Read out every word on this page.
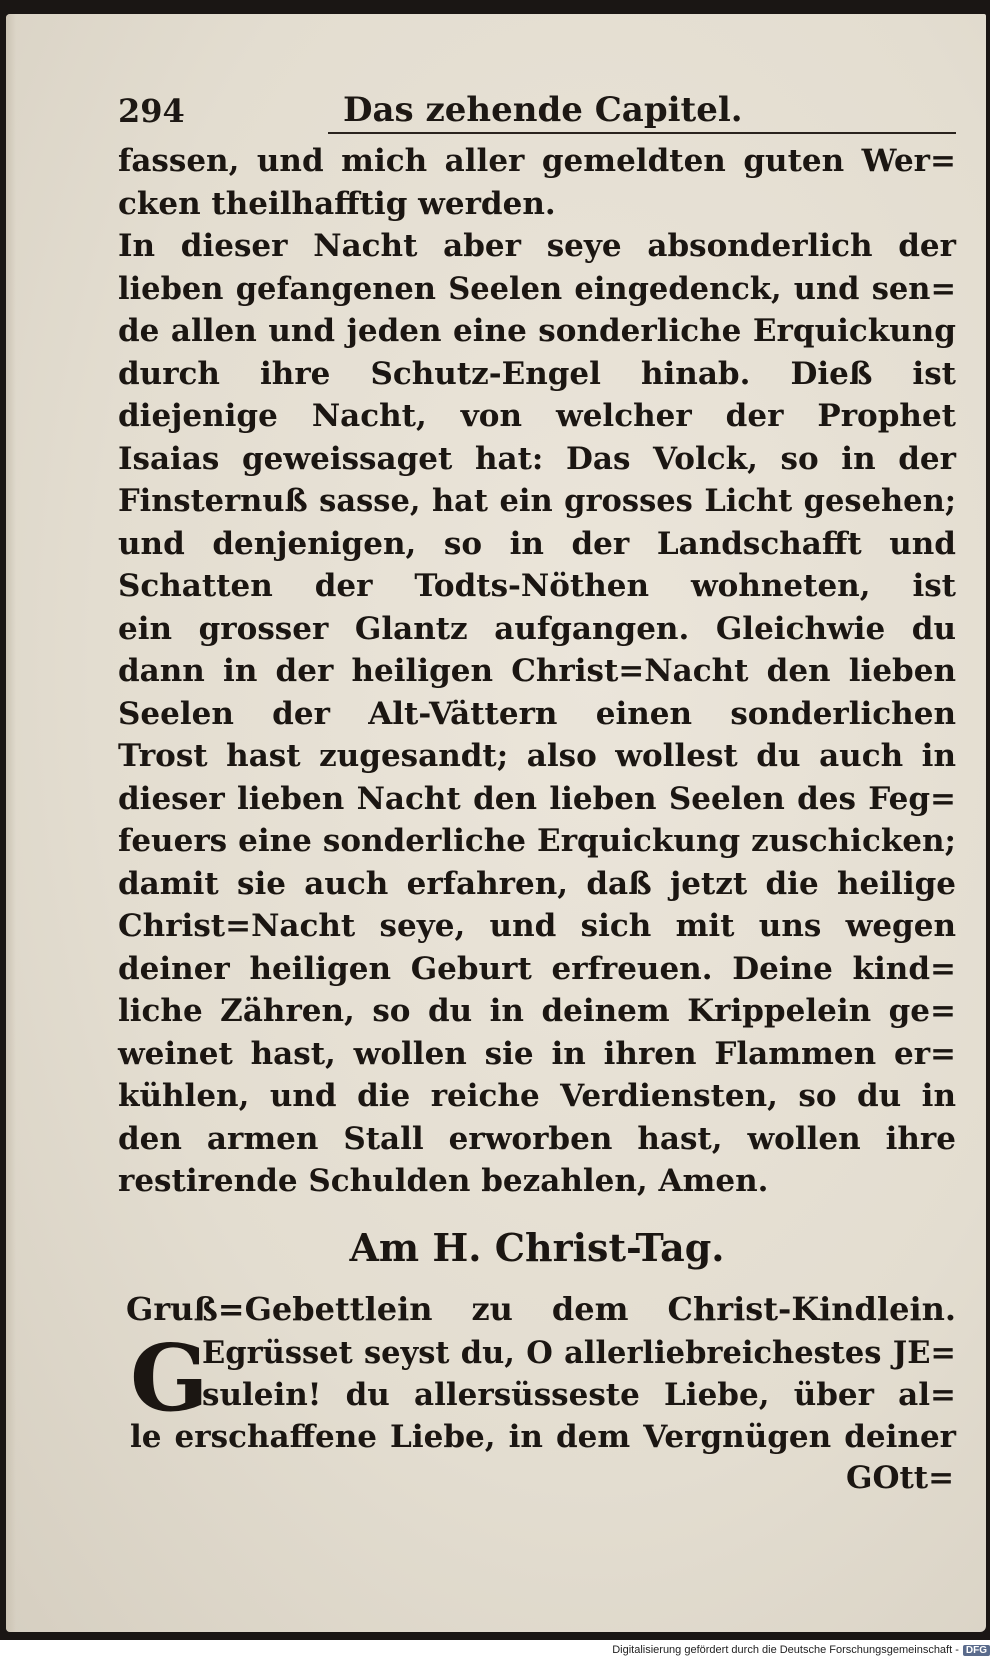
294	Das zehende Capitel.
fassen, und mich aller gemeldten guten Wer=
cken theilhafftig werden.
In dieser Nacht aber seye absonderlich der
lieben gefangenen Seelen eingedenck, und sen=
de allen und jeden eine sonderliche Erquickung
durch ihre Schutz-Engel hinab. Dieß ist
diejenige Nacht, von welcher der Prophet
Isaias geweissaget hat: Das Volck, so in der
Finsternuß sasse, hat ein grosses Licht gesehen;
und denjenigen, so in der Landschafft und
Schatten der Todts-Nöthen wohneten, ist
ein grosser Glantz aufgangen. Gleichwie du
dann in der heiligen Christ=Nacht den lieben
Seelen der Alt-Vättern einen sonderlichen
Trost hast zugesandt; also wollest du auch in
dieser lieben Nacht den lieben Seelen des Feg=
feuers eine sonderliche Erquickung zuschicken;
damit sie auch erfahren, daß jetzt die heilige
Christ=Nacht seye, und sich mit uns wegen
deiner heiligen Geburt erfreuen. Deine kind=
liche Zähren, so du in deinem Krippelein ge=
weinet hast, wollen sie in ihren Flammen er=
kühlen, und die reiche Verdiensten, so du in
den armen Stall erworben hast, wollen ihre
restirende Schulden bezahlen, Amen.
Am H. Christ-Tag.
Gruß=Gebettlein zu dem Christ-Kindlein.
G
Egrüsset seyst du, O allerliebreichestes JE=
sulein! du allersüsseste Liebe, über al=
le erschaffene Liebe, in dem Vergnügen deiner
GOtt=
Digitalisierung gefördert durch die Deutsche Forschungsgemeinschaft - DFG
